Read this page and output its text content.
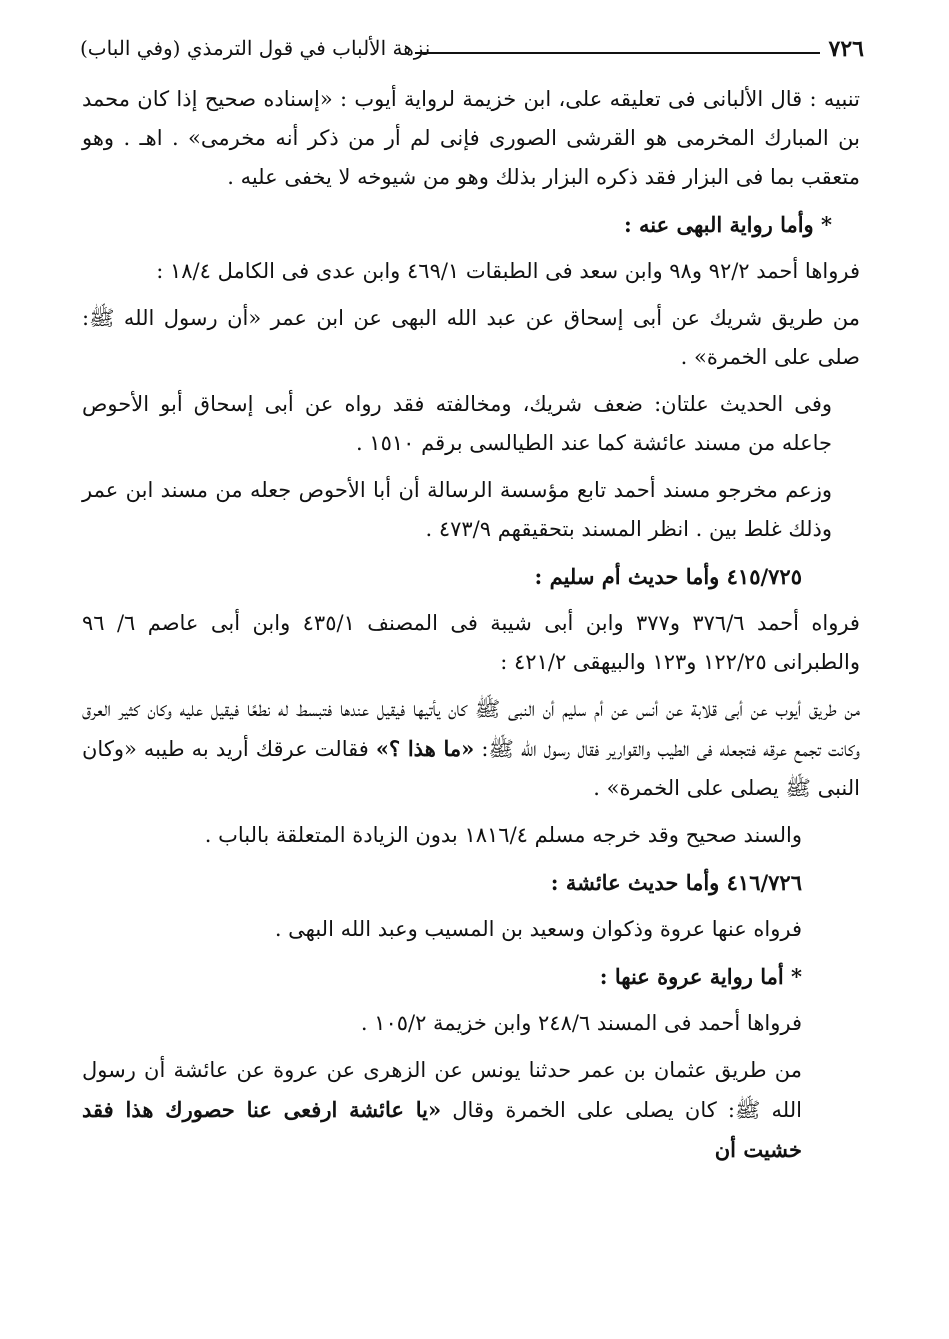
نزهة الألباب في قول الترمذي (وفي الباب)	٧٢٦

تنبيه : قال الألبانى فى تعليقه على، ابن خزيمة لرواية أيوب : «إسناده صحيح إذا كان محمد بن المبارك المخرمى هو القرشى الصورى فإنى لم أر من ذكر أنه مخرمى» . اهـ . وهو متعقب بما فى البزار فقد ذكره البزار بذلك وهو من شيوخه لا يخفى عليه .

* وأما رواية البهى عنه :

فرواها أحمد ٩٢/٢ و٩٨ وابن سعد فى الطبقات ٤٦٩/١ وابن عدى فى الكامل ١٨/٤ :

من طريق شريك عن أبى إسحاق عن عبد الله البهى عن ابن عمر «أن رسول الله ﷺ: صلى على الخمرة» .

وفى الحديث علتان: ضعف شريك، ومخالفته فقد رواه عن أبى إسحاق أبو الأحوص جاعله من مسند عائشة كما عند الطيالسى برقم ١٥١٠ .

وزعم مخرجو مسند أحمد تابع مؤسسة الرسالة أن أبا الأحوص جعله من مسند ابن عمر وذلك غلط بين . انظر المسند بتحقيقهم ٤٧٣/٩ .

٤١٥/٧٢٥ وأما حديث أم سليم :

فرواه أحمد ٣٧٦/٦ و٣٧٧ وابن أبى شيبة فى المصنف ٤٣٥/١ وابن أبى عاصم ٦/ ٩٦ والطبرانى ١٢٢/٢٥ و١٢٣ والبيهقى ٤٢١/٢ :

من طريق أيوب عن أبى قلابة عن أنس عن أم سليم أن النبى ﷺ كان يأتيها فيقيل عندها فتبسط له نطعًا فيقيل عليه وكان كثير العرق وكانت تجمع عرقه فتجعله فى الطيب والقوارير فقال رسول الله ﷺ: «ما هذا ؟» فقالت عرقك أريد به طيبه «وكان النبى ﷺ يصلى على الخمرة» .

والسند صحيح وقد خرجه مسلم ١٨١٦/٤ بدون الزيادة المتعلقة بالباب .

٤١٦/٧٢٦ وأما حديث عائشة :

فرواه عنها عروة وذكوان وسعيد بن المسيب وعبد الله البهى .

* أما رواية عروة عنها :

فرواها أحمد فى المسند ٢٤٨/٦ وابن خزيمة ١٠٥/٢ .

من طريق عثمان بن عمر حدثنا يونس عن الزهرى عن عروة عن عائشة أن رسول الله ﷺ: كان يصلى على الخمرة وقال «يا عائشة ارفعى عنا حصورك هذا فقد خشيت أن
